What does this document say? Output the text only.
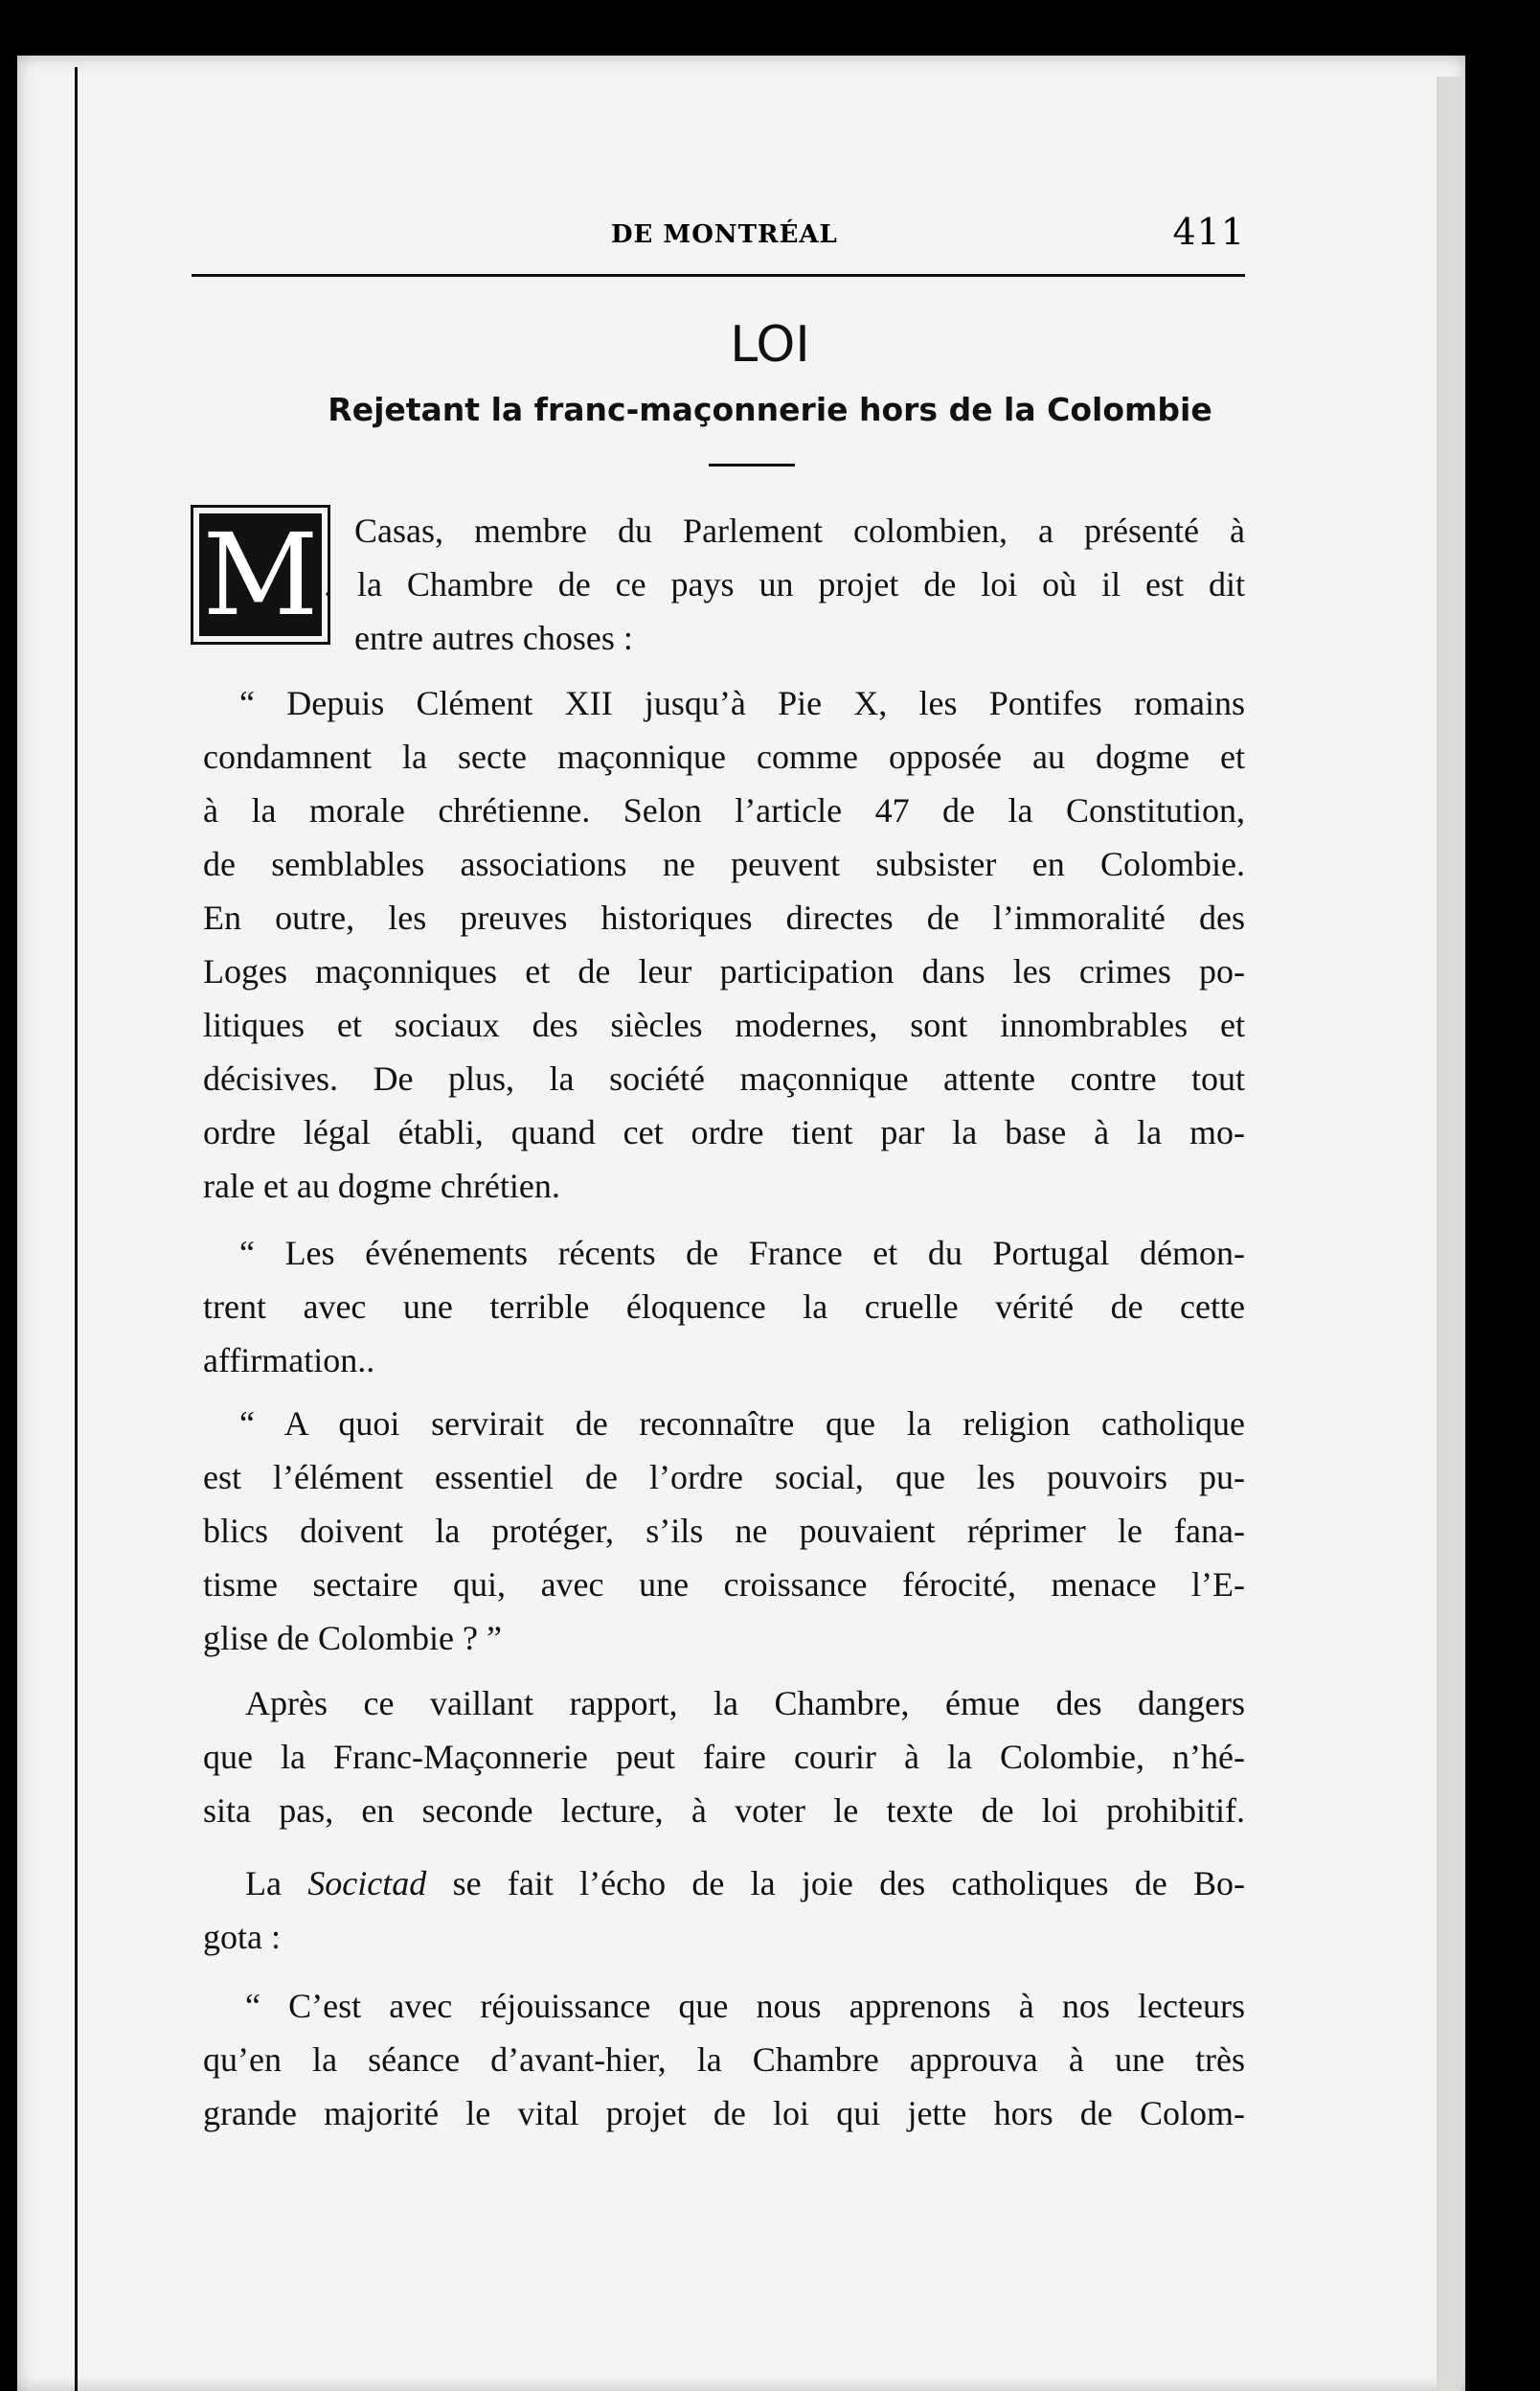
DE MONTRÉAL	411
LOI
Rejetant la franc-maçonnerie hors de la Colombie
M Casas, membre du Parlement colombien, a présenté à
. la Chambre de ce pays un projet de loi où il est dit
entre autres choses :
“ Depuis Clément XII jusqu’à Pie X, les Pontifes romains
condamnent la secte maçonnique comme opposée au dogme et
à la morale chrétienne. Selon l’article 47 de la Constitution,
de semblables associations ne peuvent subsister en Colombie.
En outre, les preuves historiques directes de l’immoralité des
Loges maçonniques et de leur participation dans les crimes po-
litiques et sociaux des siècles modernes, sont innombrables et
décisives. De plus, la société maçonnique attente contre tout
ordre légal établi, quand cet ordre tient par la base à la mo-
rale et au dogme chrétien.
“ Les événements récents de France et du Portugal démon-
trent avec une terrible éloquence la cruelle vérité de cette
affirmation..
“ A quoi servirait de reconnaître que la religion catholique
est l’élément essentiel de l’ordre social, que les pouvoirs pu-
blics doivent la protéger, s’ils ne pouvaient réprimer le fana-
tisme sectaire qui, avec une croissance férocité, menace l’E-
glise de Colombie ? ”
Après ce vaillant rapport, la Chambre, émue des dangers
que la Franc-Maçonnerie peut faire courir à la Colombie, n’hé-
sita pas, en seconde lecture, à voter le texte de loi prohibitif.
La Socictad se fait l’écho de la joie des catholiques de Bo-
gota :
“ C’est avec réjouissance que nous apprenons à nos lecteurs
qu’en la séance d’avant-hier, la Chambre approuva à une très
grande majorité le vital projet de loi qui jette hors de Colom-
